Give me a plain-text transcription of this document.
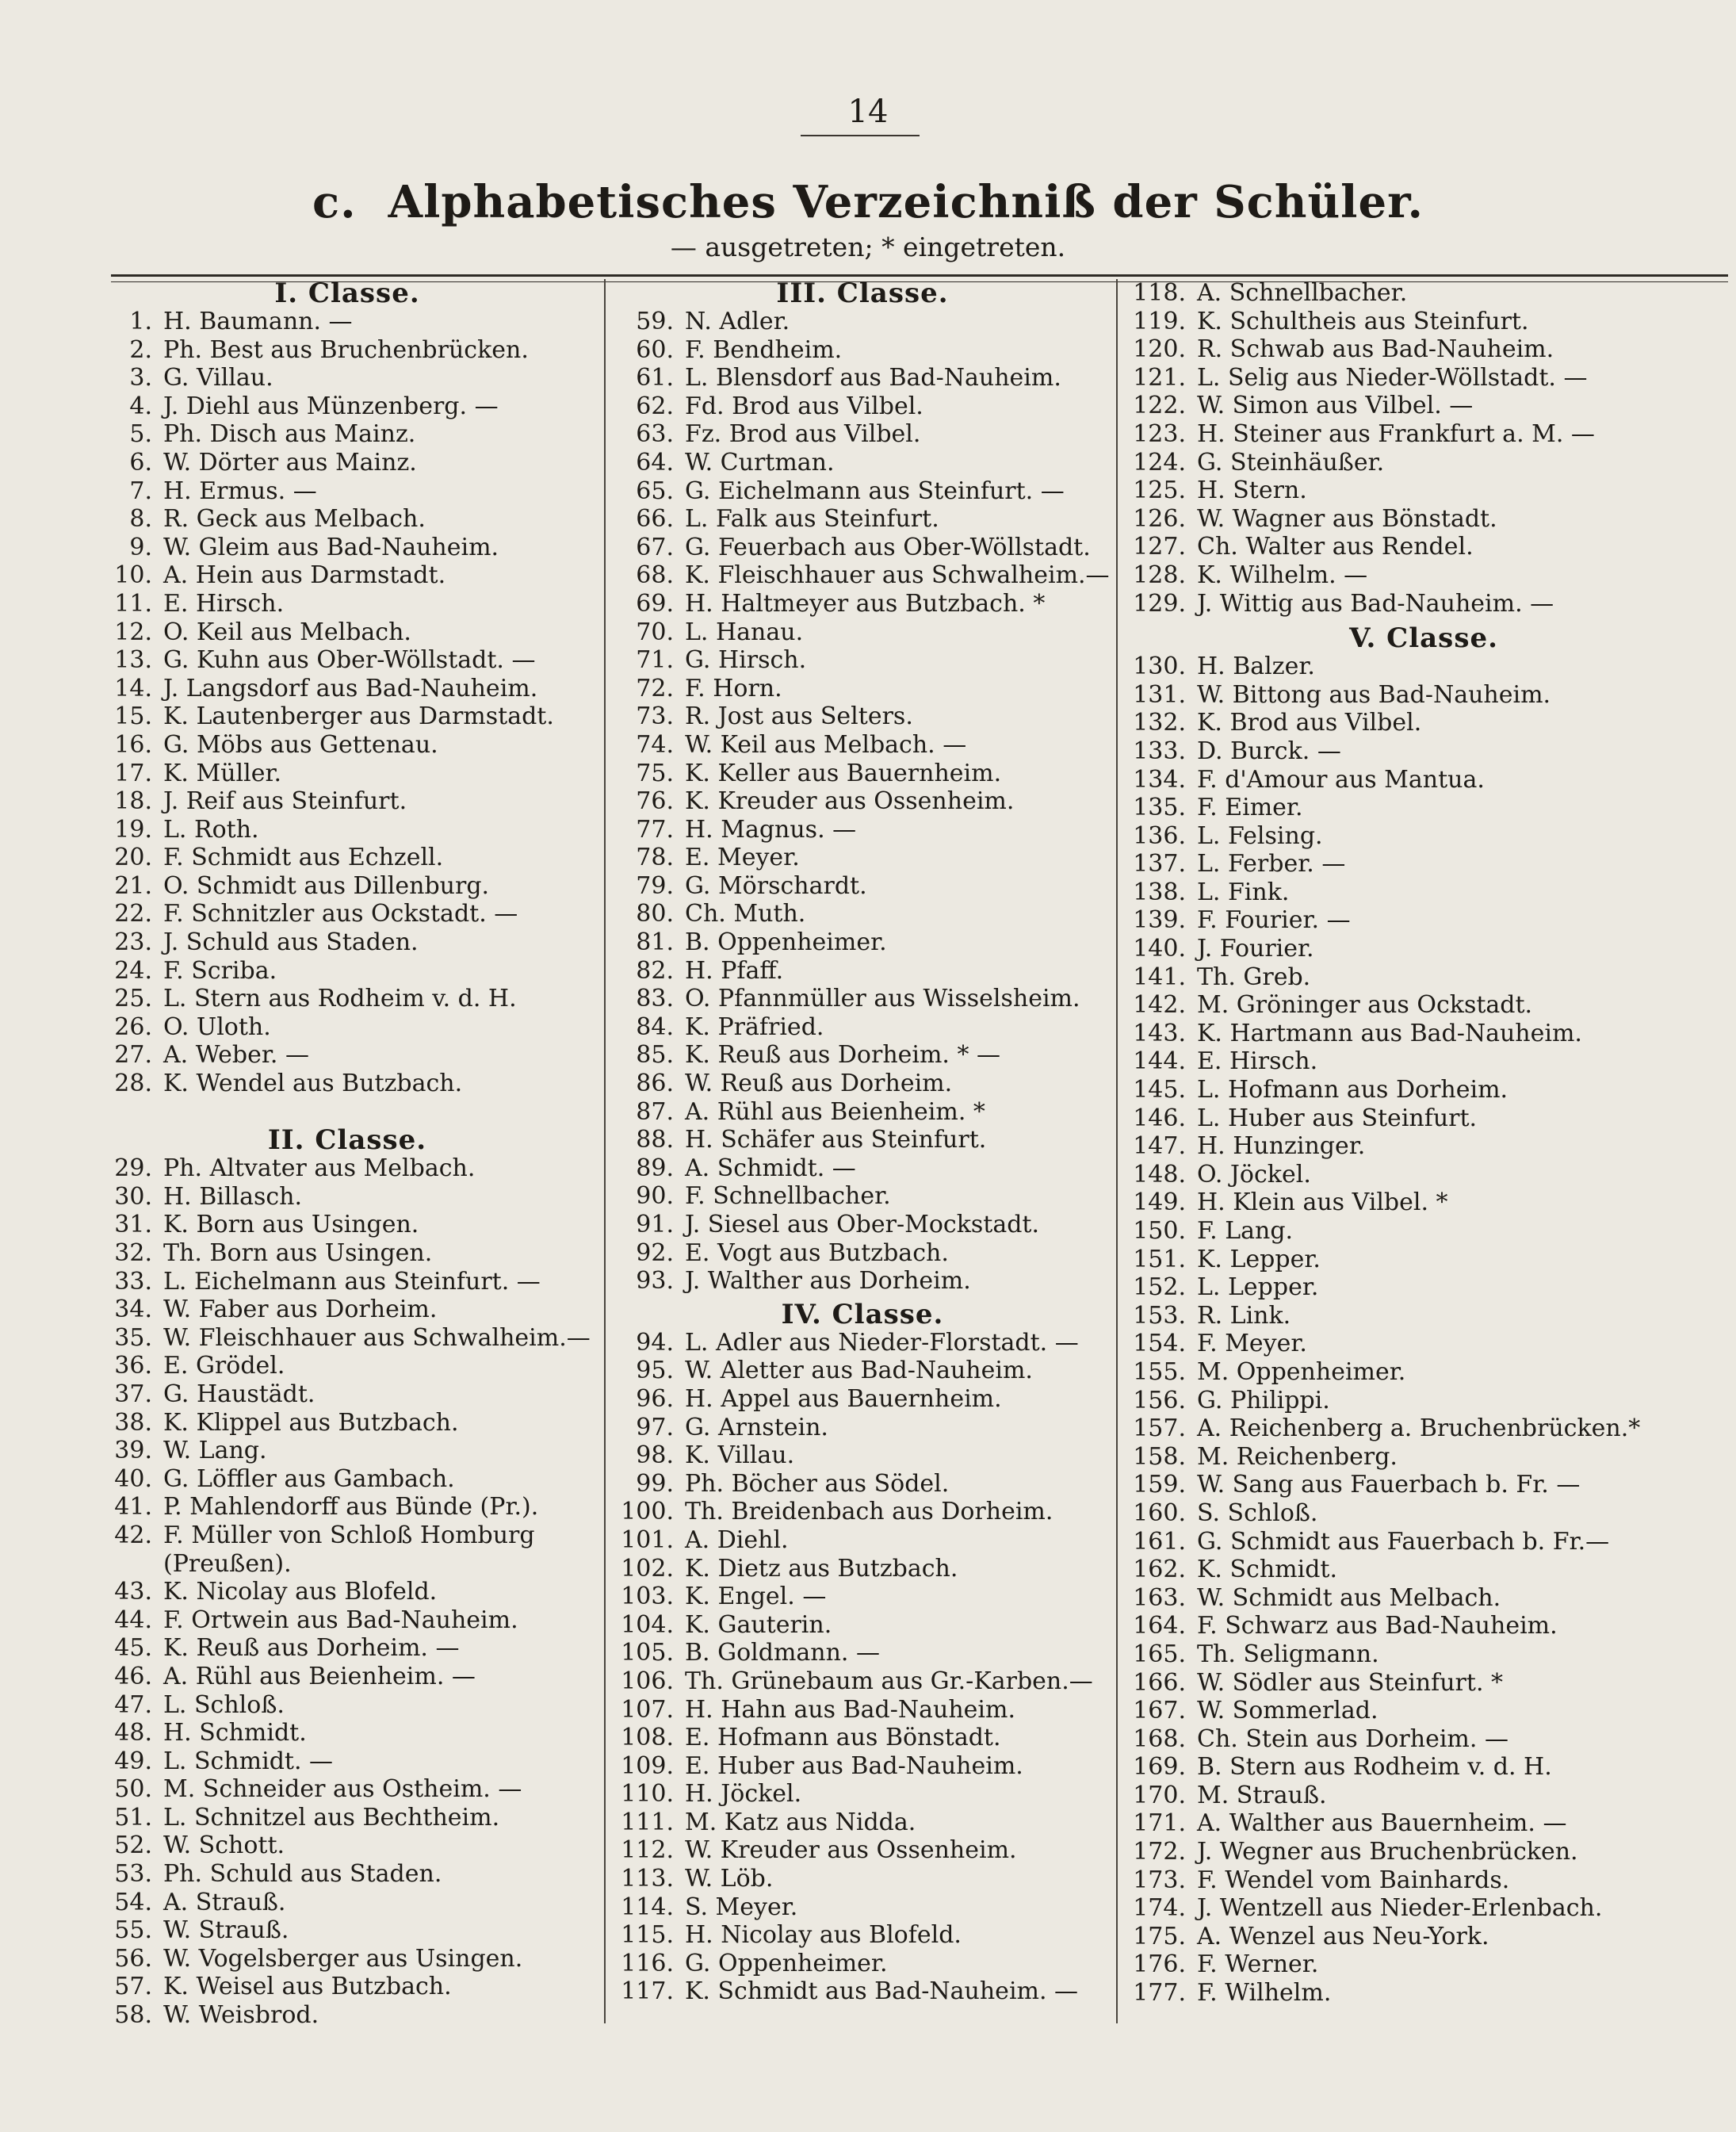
14
c. Alphabetisches Verzeichniß der Schüler.
— ausgetreten; * eingetreten.
I. Classe.
1. H. Baumann. —
2. Ph. Best aus Bruchenbrücken.
3. G. Villau.
4. J. Diehl aus Münzenberg. —
5. Ph. Disch aus Mainz.
6. W. Dörter aus Mainz.
7. H. Ermus. —
8. R. Geck aus Melbach.
9. W. Gleim aus Bad-Nauheim.
10. A. Hein aus Darmstadt.
11. E. Hirsch.
12. O. Keil aus Melbach.
13. G. Kuhn aus Ober-Wöllstadt. —
14. J. Langsdorf aus Bad-Nauheim.
15. K. Lautenberger aus Darmstadt.
16. G. Möbs aus Gettenau.
17. K. Müller.
18. J. Reif aus Steinfurt.
19. L. Roth.
20. F. Schmidt aus Echzell.
21. O. Schmidt aus Dillenburg.
22. F. Schnitzler aus Ockstadt. —
23. J. Schuld aus Staden.
24. F. Scriba.
25. L. Stern aus Rodheim v. d. H.
26. O. Uloth.
27. A. Weber. —
28. K. Wendel aus Butzbach.
II. Classe.
29. Ph. Altvater aus Melbach.
30. H. Billasch.
31. K. Born aus Usingen.
32. Th. Born aus Usingen.
33. L. Eichelmann aus Steinfurt. —
34. W. Faber aus Dorheim.
35. W. Fleischhauer aus Schwalheim.—
36. E. Grödel.
37. G. Haustädt.
38. K. Klippel aus Butzbach.
39. W. Lang.
40. G. Löffler aus Gambach.
41. P. Mahlendorff aus Bünde (Pr.).
42. F. Müller von Schloß Homburg
(Preußen).
43. K. Nicolay aus Blofeld.
44. F. Ortwein aus Bad-Nauheim.
45. K. Reuß aus Dorheim. —
46. A. Rühl aus Beienheim. —
47. L. Schloß.
48. H. Schmidt.
49. L. Schmidt. —
50. M. Schneider aus Ostheim. —
51. L. Schnitzel aus Bechtheim.
52. W. Schott.
53. Ph. Schuld aus Staden.
54. A. Strauß.
55. W. Strauß.
56. W. Vogelsberger aus Usingen.
57. K. Weisel aus Butzbach.
58. W. Weisbrod.
III. Classe.
59. N. Adler.
60. F. Bendheim.
61. L. Blensdorf aus Bad-Nauheim.
62. Fd. Brod aus Vilbel.
63. Fz. Brod aus Vilbel.
64. W. Curtman.
65. G. Eichelmann aus Steinfurt. —
66. L. Falk aus Steinfurt.
67. G. Feuerbach aus Ober-Wöllstadt.
68. K. Fleischhauer aus Schwalheim.—
69. H. Haltmeyer aus Butzbach. *
70. L. Hanau.
71. G. Hirsch.
72. F. Horn.
73. R. Jost aus Selters.
74. W. Keil aus Melbach. —
75. K. Keller aus Bauernheim.
76. K. Kreuder aus Ossenheim.
77. H. Magnus. —
78. E. Meyer.
79. G. Mörschardt.
80. Ch. Muth.
81. B. Oppenheimer.
82. H. Pfaff.
83. O. Pfannmüller aus Wisselsheim.
84. K. Präfried.
85. K. Reuß aus Dorheim. * —
86. W. Reuß aus Dorheim.
87. A. Rühl aus Beienheim. *
88. H. Schäfer aus Steinfurt.
89. A. Schmidt. —
90. F. Schnellbacher.
91. J. Siesel aus Ober-Mockstadt.
92. E. Vogt aus Butzbach.
93. J. Walther aus Dorheim.
IV. Classe.
94. L. Adler aus Nieder-Florstadt. —
95. W. Aletter aus Bad-Nauheim.
96. H. Appel aus Bauernheim.
97. G. Arnstein.
98. K. Villau.
99. Ph. Böcher aus Södel.
100. Th. Breidenbach aus Dorheim.
101. A. Diehl.
102. K. Dietz aus Butzbach.
103. K. Engel. —
104. K. Gauterin.
105. B. Goldmann. —
106. Th. Grünebaum aus Gr.-Karben.—
107. H. Hahn aus Bad-Nauheim.
108. E. Hofmann aus Bönstadt.
109. E. Huber aus Bad-Nauheim.
110. H. Jöckel.
111. M. Katz aus Nidda.
112. W. Kreuder aus Ossenheim.
113. W. Löb.
114. S. Meyer.
115. H. Nicolay aus Blofeld.
116. G. Oppenheimer.
117. K. Schmidt aus Bad-Nauheim. —
118. A. Schnellbacher.
119. K. Schultheis aus Steinfurt.
120. R. Schwab aus Bad-Nauheim.
121. L. Selig aus Nieder-Wöllstadt. —
122. W. Simon aus Vilbel. —
123. H. Steiner aus Frankfurt a. M. —
124. G. Steinhäußer.
125. H. Stern.
126. W. Wagner aus Bönstadt.
127. Ch. Walter aus Rendel.
128. K. Wilhelm. —
129. J. Wittig aus Bad-Nauheim. —
V. Classe.
130. H. Balzer.
131. W. Bittong aus Bad-Nauheim.
132. K. Brod aus Vilbel.
133. D. Burck. —
134. F. d'Amour aus Mantua.
135. F. Eimer.
136. L. Felsing.
137. L. Ferber. —
138. L. Fink.
139. F. Fourier. —
140. J. Fourier.
141. Th. Greb.
142. M. Gröninger aus Ockstadt.
143. K. Hartmann aus Bad-Nauheim.
144. E. Hirsch.
145. L. Hofmann aus Dorheim.
146. L. Huber aus Steinfurt.
147. H. Hunzinger.
148. O. Jöckel.
149. H. Klein aus Vilbel. *
150. F. Lang.
151. K. Lepper.
152. L. Lepper.
153. R. Link.
154. F. Meyer.
155. M. Oppenheimer.
156. G. Philippi.
157. A. Reichenberg a. Bruchenbrücken.*
158. M. Reichenberg.
159. W. Sang aus Fauerbach b. Fr. —
160. S. Schloß.
161. G. Schmidt aus Fauerbach b. Fr.—
162. K. Schmidt.
163. W. Schmidt aus Melbach.
164. F. Schwarz aus Bad-Nauheim.
165. Th. Seligmann.
166. W. Södler aus Steinfurt. *
167. W. Sommerlad.
168. Ch. Stein aus Dorheim. —
169. B. Stern aus Rodheim v. d. H.
170. M. Strauß.
171. A. Walther aus Bauernheim. —
172. J. Wegner aus Bruchenbrücken.
173. F. Wendel vom Bainhards.
174. J. Wentzell aus Nieder-Erlenbach.
175. A. Wenzel aus Neu-York.
176. F. Werner.
177. F. Wilhelm.
